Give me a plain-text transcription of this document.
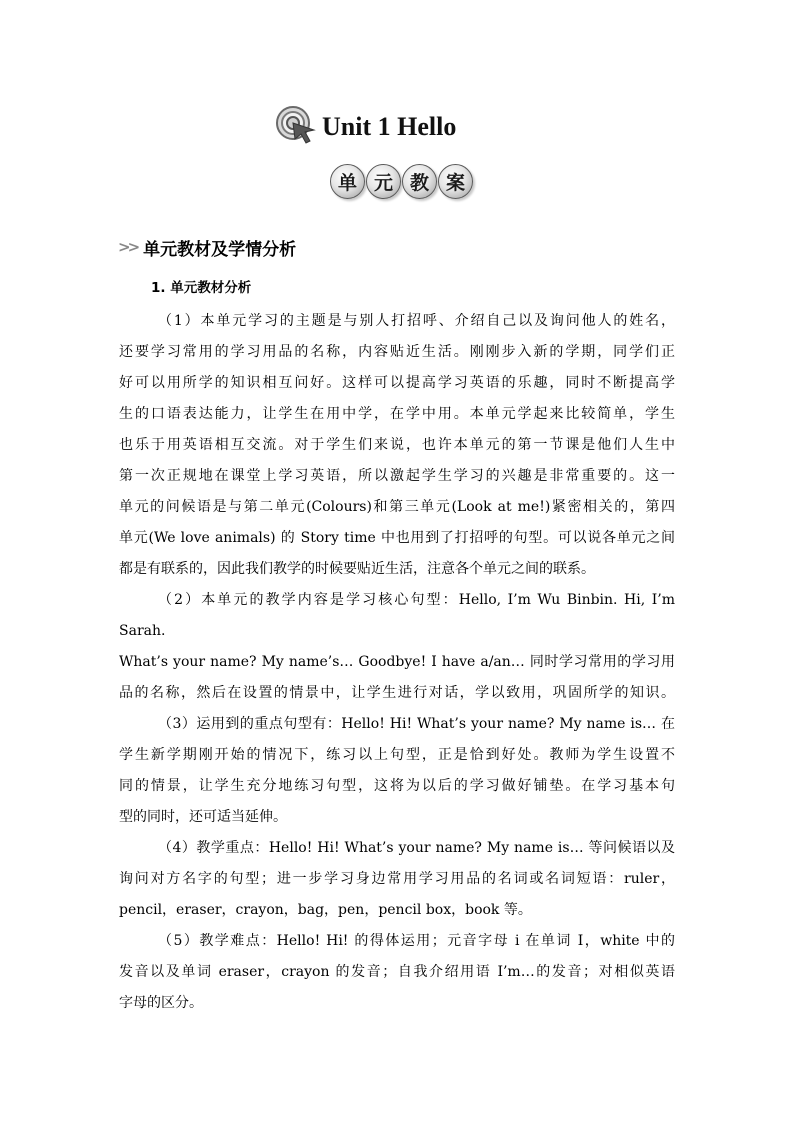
Unit 1 Hello
单 元 教 案
>> 单元教材及学情分析
1. 单元教材分析
（1）本单元学习的主题是与别人打招呼、介绍自己以及询问他人的姓名，
还要学习常用的学习用品的名称，内容贴近生活。刚刚步入新的学期，同学们正
好可以用所学的知识相互问好。这样可以提高学习英语的乐趣，同时不断提高学
生的口语表达能力，让学生在用中学，在学中用。本单元学起来比较简单，学生
也乐于用英语相互交流。对于学生们来说，也许本单元的第一节课是他们人生中
第一次正规地在课堂上学习英语，所以激起学生学习的兴趣是非常重要的。这一
单元的问候语是与第二单元(Colours)和第三单元(Look at me!)紧密相关的，第四
单元(We love animals) 的 Story time 中也用到了打招呼的句型。可以说各单元之间
都是有联系的，因此我们教学的时候要贴近生活，注意各个单元之间的联系。
（2）本单元的教学内容是学习核心句型：Hello, I’m Wu Binbin. Hi, I’m
Sarah.
What’s your name? My name’s… Goodbye! I have a/an… 同时学习常用的学习用
品的名称，然后在设置的情景中，让学生进行对话，学以致用，巩固所学的知识。
（3）运用到的重点句型有：Hello! Hi! What’s your name? My name is… 在
学生新学期刚开始的情况下，练习以上句型，正是恰到好处。教师为学生设置不
同的情景，让学生充分地练习句型，这将为以后的学习做好铺垫。在学习基本句
型的同时，还可适当延伸。
（4）教学重点：Hello! Hi! What’s your name? My name is… 等问候语以及
询问对方名字的句型；进一步学习身边常用学习用品的名词或名词短语：ruler，
pencil，eraser，crayon，bag，pen，pencil box，book 等。
（5）教学难点：Hello! Hi! 的得体运用；元音字母 i 在单词 I，white 中的
发音以及单词 eraser，crayon 的发音；自我介绍用语 I’m…的发音；对相似英语
字母的区分。
